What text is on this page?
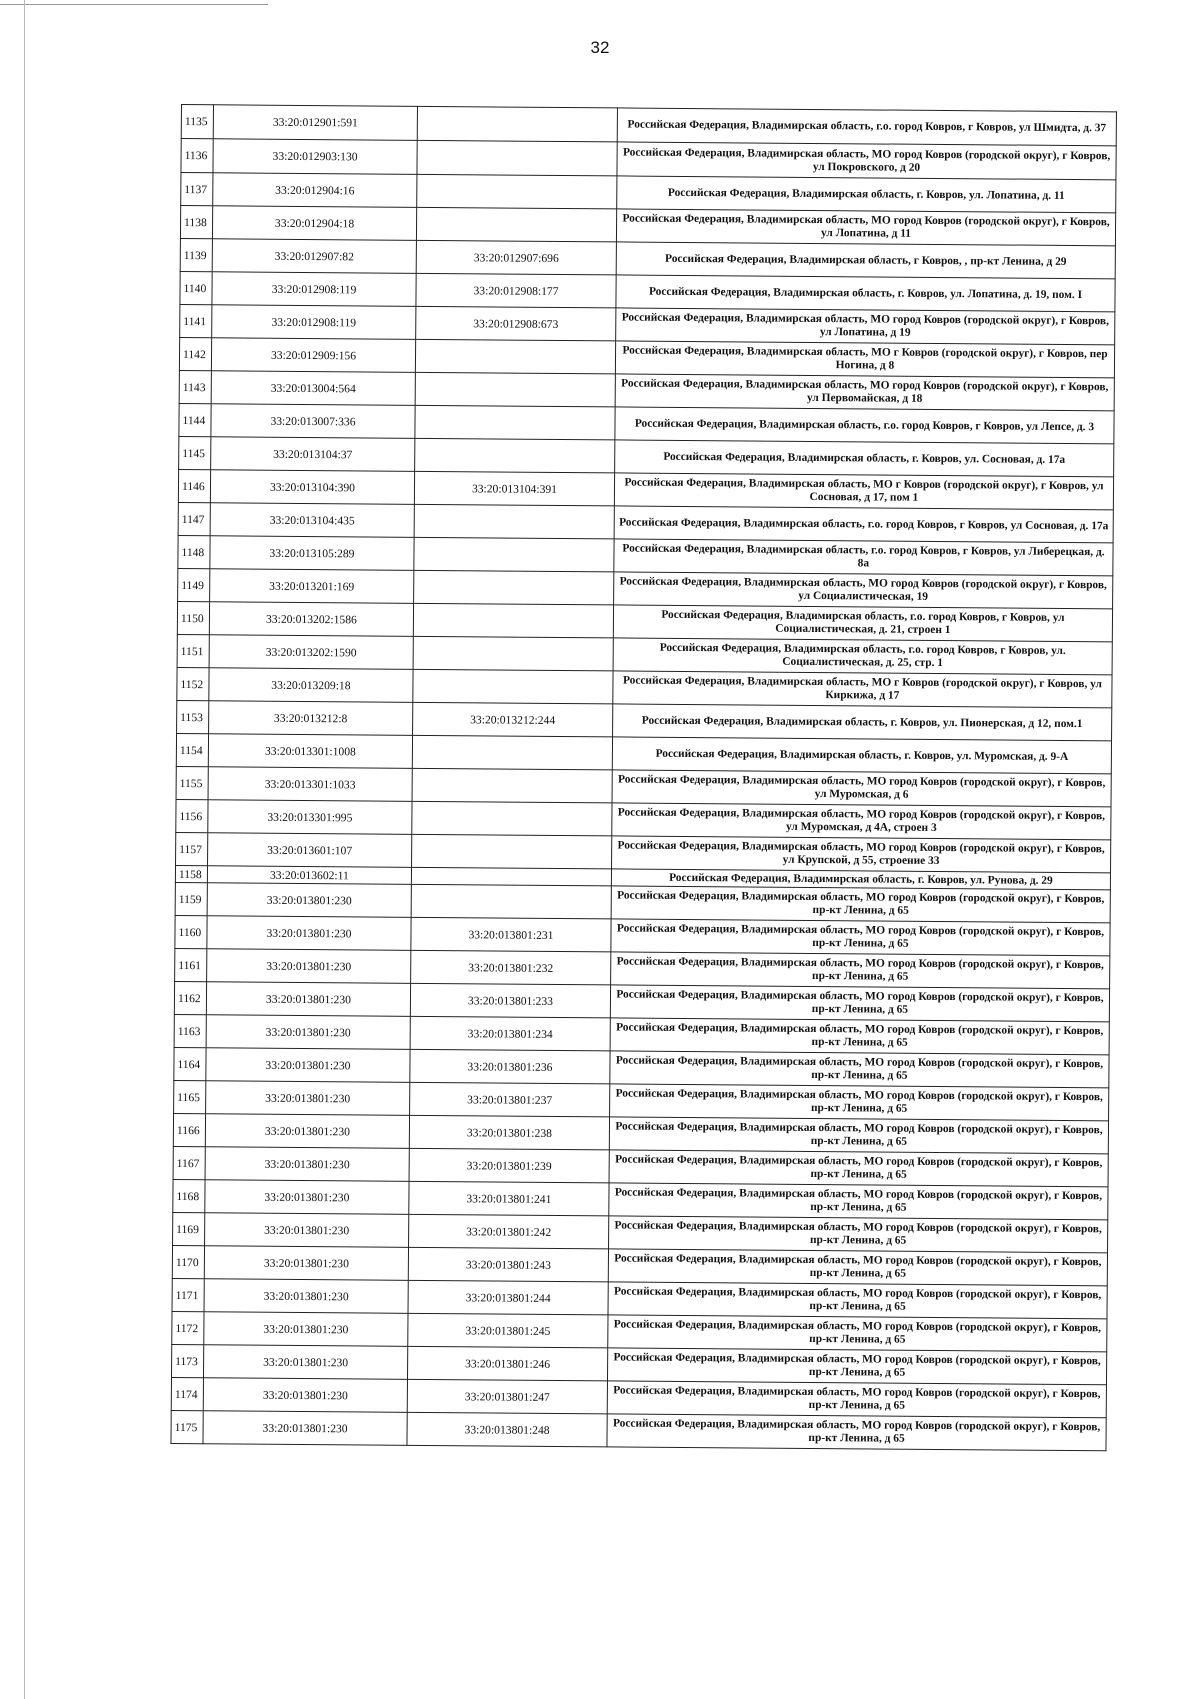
32
1135	33:20:012901:591		Российская Федерация, Владимирская область, г.о. город Ковров, г Ковров, ул Шмидта, д. 37
1136	33:20:012903:130		Российская Федерация, Владимирская область, МО город Ковров (городской округ), г Ковров, ул Покровского, д 20
1137	33:20:012904:16		Российская Федерация, Владимирская область, г. Ковров, ул. Лопатина, д. 11
1138	33:20:012904:18		Российская Федерация, Владимирская область, МО город Ковров (городской округ), г Ковров, ул Лопатина, д 11
1139	33:20:012907:82	33:20:012907:696	Российская Федерация, Владимирская область, г Ковров, , пр-кт Ленина, д 29
1140	33:20:012908:119	33:20:012908:177	Российская Федерация, Владимирская область, г. Ковров, ул. Лопатина, д. 19, пом. I
1141	33:20:012908:119	33:20:012908:673	Российская Федерация, Владимирская область, МО город Ковров (городской округ), г Ковров, ул Лопатина, д 19
1142	33:20:012909:156		Российская Федерация, Владимирская область, МО г Ковров (городской округ), г Ковров, пер Ногина, д 8
1143	33:20:013004:564		Российская Федерация, Владимирская область, МО город Ковров (городской округ), г Ковров, ул Первомайская, д 18
1144	33:20:013007:336		Российская Федерация, Владимирская область, г.о. город Ковров, г Ковров, ул Лепсе, д. 3
1145	33:20:013104:37		Российская Федерация, Владимирская область, г. Ковров, ул. Сосновая, д. 17а
1146	33:20:013104:390	33:20:013104:391	Российская Федерация, Владимирская область, МО г Ковров (городской округ), г Ковров, ул Сосновая, д 17, пом 1
1147	33:20:013104:435		Российская Федерация, Владимирская область, г.о. город Ковров, г Ковров, ул Сосновая, д. 17а
1148	33:20:013105:289		Российская Федерация, Владимирская область, г.о. город Ковров, г Ковров, ул Либерецкая, д. 8а
1149	33:20:013201:169		Российская Федерация, Владимирская область, МО город Ковров (городской округ), г Ковров, ул Социалистическая, 19
1150	33:20:013202:1586		Российская Федерация, Владимирская область, г.о. город Ковров, г Ковров, ул Социалистическая, д. 21, строен 1
1151	33:20:013202:1590		Российская Федерация, Владимирская область, г.о. город Ковров, г Ковров, ул. Социалистическая, д. 25, стр. 1
1152	33:20:013209:18		Российская Федерация, Владимирская область, МО г Ковров (городской округ), г Ковров, ул Киркижа, д 17
1153	33:20:013212:8	33:20:013212:244	Российская Федерация, Владимирская область, г. Ковров, ул. Пионерская, д 12, пом.1
1154	33:20:013301:1008		Российская Федерация, Владимирская область, г. Ковров, ул. Муромская, д. 9-А
1155	33:20:013301:1033		Российская Федерация, Владимирская область, МО город Ковров (городской округ), г Ковров, ул Муромская, д 6
1156	33:20:013301:995		Российская Федерация, Владимирская область, МО город Ковров (городской округ), г Ковров, ул Муромская, д 4А, строен 3
1157	33:20:013601:107		Российская Федерация, Владимирская область, МО город Ковров (городской округ), г Ковров, ул Крупской, д 55, строение 33
1158	33:20:013602:11		Российская Федерация, Владимирская область, г. Ковров, ул. Рунова, д. 29
1159	33:20:013801:230		Российская Федерация, Владимирская область, МО город Ковров (городской округ), г Ковров, пр-кт Ленина, д 65
1160	33:20:013801:230	33:20:013801:231	Российская Федерация, Владимирская область, МО город Ковров (городской округ), г Ковров, пр-кт Ленина, д 65
1161	33:20:013801:230	33:20:013801:232	Российская Федерация, Владимирская область, МО город Ковров (городской округ), г Ковров, пр-кт Ленина, д 65
1162	33:20:013801:230	33:20:013801:233	Российская Федерация, Владимирская область, МО город Ковров (городской округ), г Ковров, пр-кт Ленина, д 65
1163	33:20:013801:230	33:20:013801:234	Российская Федерация, Владимирская область, МО город Ковров (городской округ), г Ковров, пр-кт Ленина, д 65
1164	33:20:013801:230	33:20:013801:236	Российская Федерация, Владимирская область, МО город Ковров (городской округ), г Ковров, пр-кт Ленина, д 65
1165	33:20:013801:230	33:20:013801:237	Российская Федерация, Владимирская область, МО город Ковров (городской округ), г Ковров, пр-кт Ленина, д 65
1166	33:20:013801:230	33:20:013801:238	Российская Федерация, Владимирская область, МО город Ковров (городской округ), г Ковров, пр-кт Ленина, д 65
1167	33:20:013801:230	33:20:013801:239	Российская Федерация, Владимирская область, МО город Ковров (городской округ), г Ковров, пр-кт Ленина, д 65
1168	33:20:013801:230	33:20:013801:241	Российская Федерация, Владимирская область, МО город Ковров (городской округ), г Ковров, пр-кт Ленина, д 65
1169	33:20:013801:230	33:20:013801:242	Российская Федерация, Владимирская область, МО город Ковров (городской округ), г Ковров, пр-кт Ленина, д 65
1170	33:20:013801:230	33:20:013801:243	Российская Федерация, Владимирская область, МО город Ковров (городской округ), г Ковров, пр-кт Ленина, д 65
1171	33:20:013801:230	33:20:013801:244	Российская Федерация, Владимирская область, МО город Ковров (городской округ), г Ковров, пр-кт Ленина, д 65
1172	33:20:013801:230	33:20:013801:245	Российская Федерация, Владимирская область, МО город Ковров (городской округ), г Ковров, пр-кт Ленина, д 65
1173	33:20:013801:230	33:20:013801:246	Российская Федерация, Владимирская область, МО город Ковров (городской округ), г Ковров, пр-кт Ленина, д 65
1174	33:20:013801:230	33:20:013801:247	Российская Федерация, Владимирская область, МО город Ковров (городской округ), г Ковров, пр-кт Ленина, д 65
1175	33:20:013801:230	33:20:013801:248	Российская Федерация, Владимирская область, МО город Ковров (городской округ), г Ковров, пр-кт Ленина, д 65
